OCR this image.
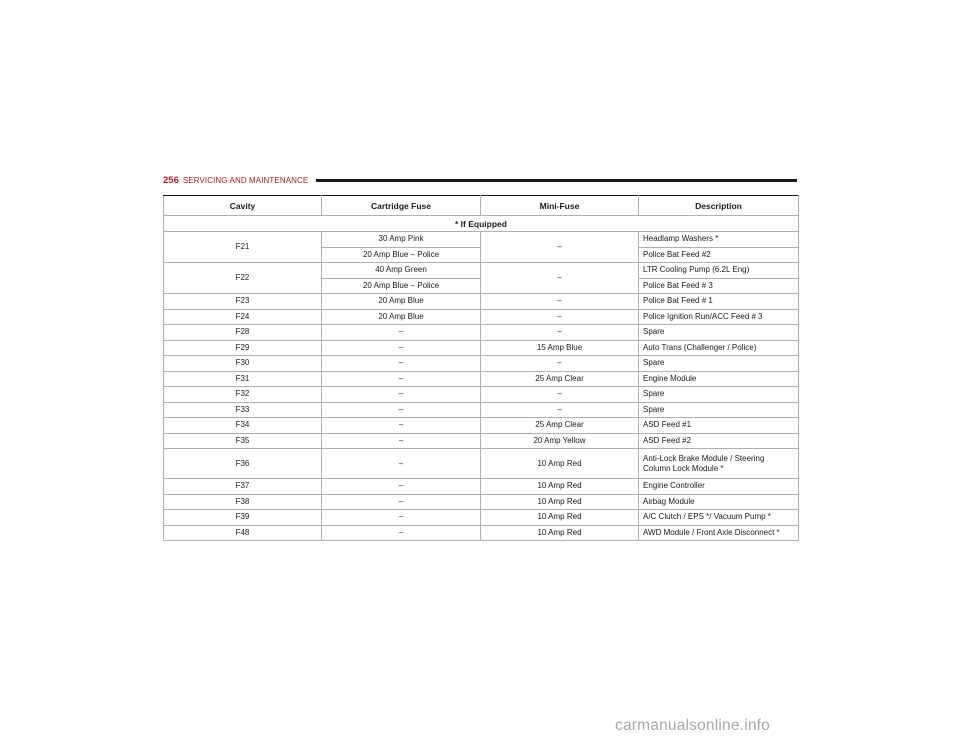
256 SERVICING AND MAINTENANCE
Cavity	Cartridge Fuse	Mini-Fuse	Description
* If Equipped			
F21	30 Amp Pink	–	Headlamp Washers *
	20 Amp Blue – Police		Police Bat Feed #2
F22	40 Amp Green	–	LTR Cooling Pump (6.2L Eng)
	20 Amp Blue – Police		Police Bat Feed # 3
F23	20 Amp Blue	–	Police Bat Feed # 1
F24	20 Amp Blue	–	Police Ignition Run/ACC Feed # 3
F28	–	–	Spare
F29	–	15 Amp Blue	Auto Trans (Challenger / Police)
F30	–	–	Spare
F31	–	25 Amp Clear	Engine Module
F32	–	–	Spare
F33	–	–	Spare
F34	–	25 Amp Clear	ASD Feed #1
F35	–	20 Amp Yellow	ASD Feed #2
F36	–	10 Amp Red	Anti-Lock Brake Module / Steering Column Lock Module *
F37	–	10 Amp Red	Engine Controller
F38	–	10 Amp Red	Airbag Module
F39	–	10 Amp Red	A/C Clutch / EPS */ Vacuum Pump *
F48	–	10 Amp Red	AWD Module / Front Axle Disconnect *
carmanualsonline.info
